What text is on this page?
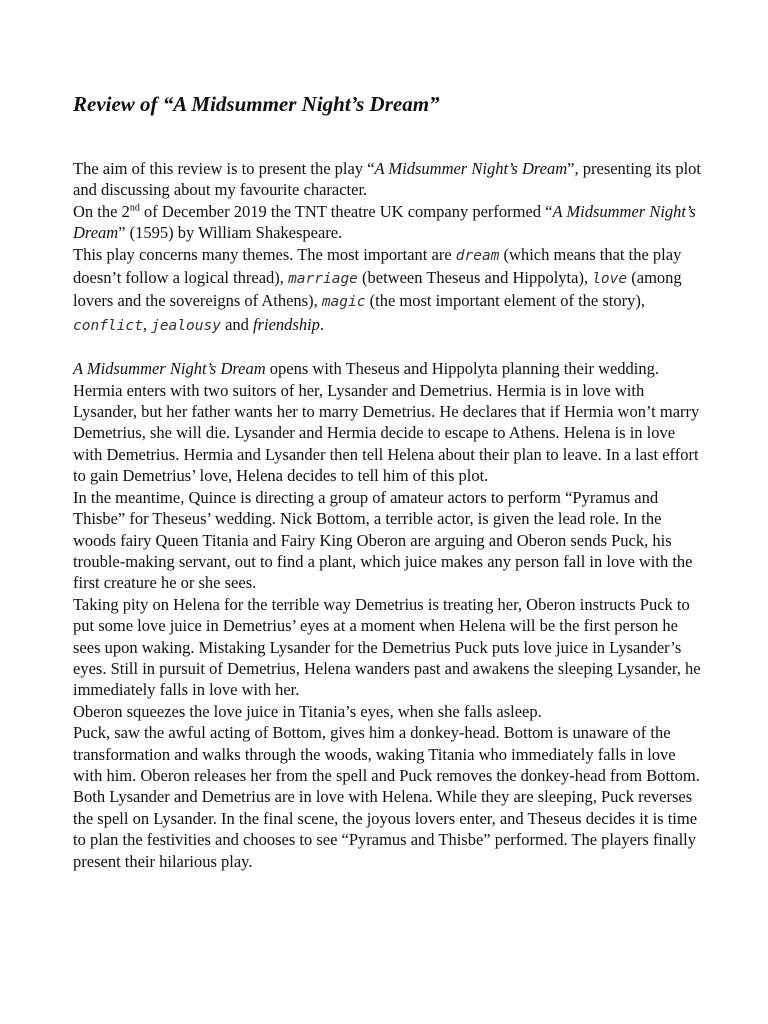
Review of “A Midsummer Night’s Dream”

The aim of this review is to present the play “A Midsummer Night’s Dream”, presenting its plot and discussing about my favourite character.

On the 2nd of December 2019 the TNT theatre UK company performed “A Midsummer Night’s Dream” (1595) by William Shakespeare.

This play concerns many themes. The most important are dream (which means that the play doesn’t follow a logical thread), marriage (between Theseus and Hippolyta), love (among lovers and the sovereigns of Athens), magic (the most important element of the story), conflict, jealousy and friendship.

A Midsummer Night’s Dream opens with Theseus and Hippolyta planning their wedding. Hermia enters with two suitors of her, Lysander and Demetrius. Hermia is in love with Lysander, but her father wants her to marry Demetrius. He declares that if Hermia won’t marry Demetrius, she will die. Lysander and Hermia decide to escape to Athens. Helena is in love with Demetrius. Hermia and Lysander then tell Helena about their plan to leave. In a last effort to gain Demetrius’ love, Helena decides to tell him of this plot.

In the meantime, Quince is directing a group of amateur actors to perform “Pyramus and Thisbe” for Theseus’ wedding. Nick Bottom, a terrible actor, is given the lead role. In the woods fairy Queen Titania and Fairy King Oberon are arguing and Oberon sends Puck, his trouble-making servant, out to find a plant, which juice makes any person fall in love with the first creature he or she sees.

Taking pity on Helena for the terrible way Demetrius is treating her, Oberon instructs Puck to put some love juice in Demetrius’ eyes at a moment when Helena will be the first person he sees upon waking. Mistaking Lysander for the Demetrius Puck puts love juice in Lysander’s eyes. Still in pursuit of Demetrius, Helena wanders past and awakens the sleeping Lysander, he immediately falls in love with her.

Oberon squeezes the love juice in Titania’s eyes, when she falls asleep.

Puck, saw the awful acting of Bottom, gives him a donkey-head. Bottom is unaware of the transformation and walks through the woods, waking Titania who immediately falls in love with him. Oberon releases her from the spell and Puck removes the donkey-head from Bottom.

Both Lysander and Demetrius are in love with Helena. While they are sleeping, Puck reverses the spell on Lysander. In the final scene, the joyous lovers enter, and Theseus decides it is time to plan the festivities and chooses to see “Pyramus and Thisbe” performed. The players finally present their hilarious play.
